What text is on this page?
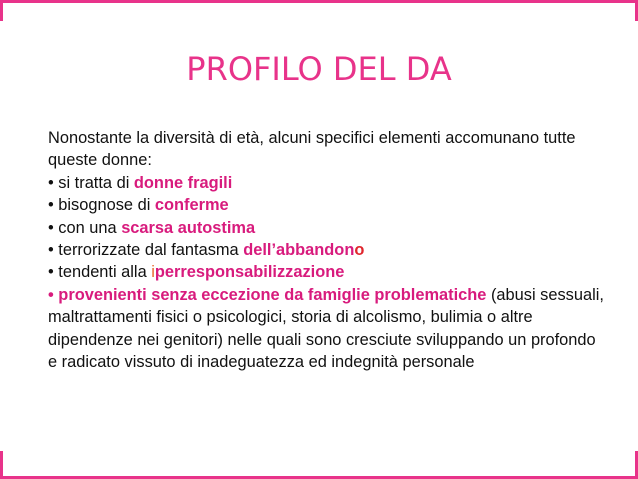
PROFILO DEL DA
Nonostante la diversità di età, alcuni specifici elementi accomunano tutte queste donne:
• si tratta di donne fragili
• bisognose di conferme
• con una scarsa autostima
• terrorizzate dal fantasma dell’abbandono
• tendenti alla iperresponsabilizzazione
• provenienti senza eccezione da famiglie problematiche (abusi sessuali, maltrattamenti fisici o psicologici, storia di alcolismo, bulimia o altre dipendenze nei genitori) nelle quali sono cresciute sviluppando un profondo e radicato vissuto di inadeguatezza ed indegnità personale
